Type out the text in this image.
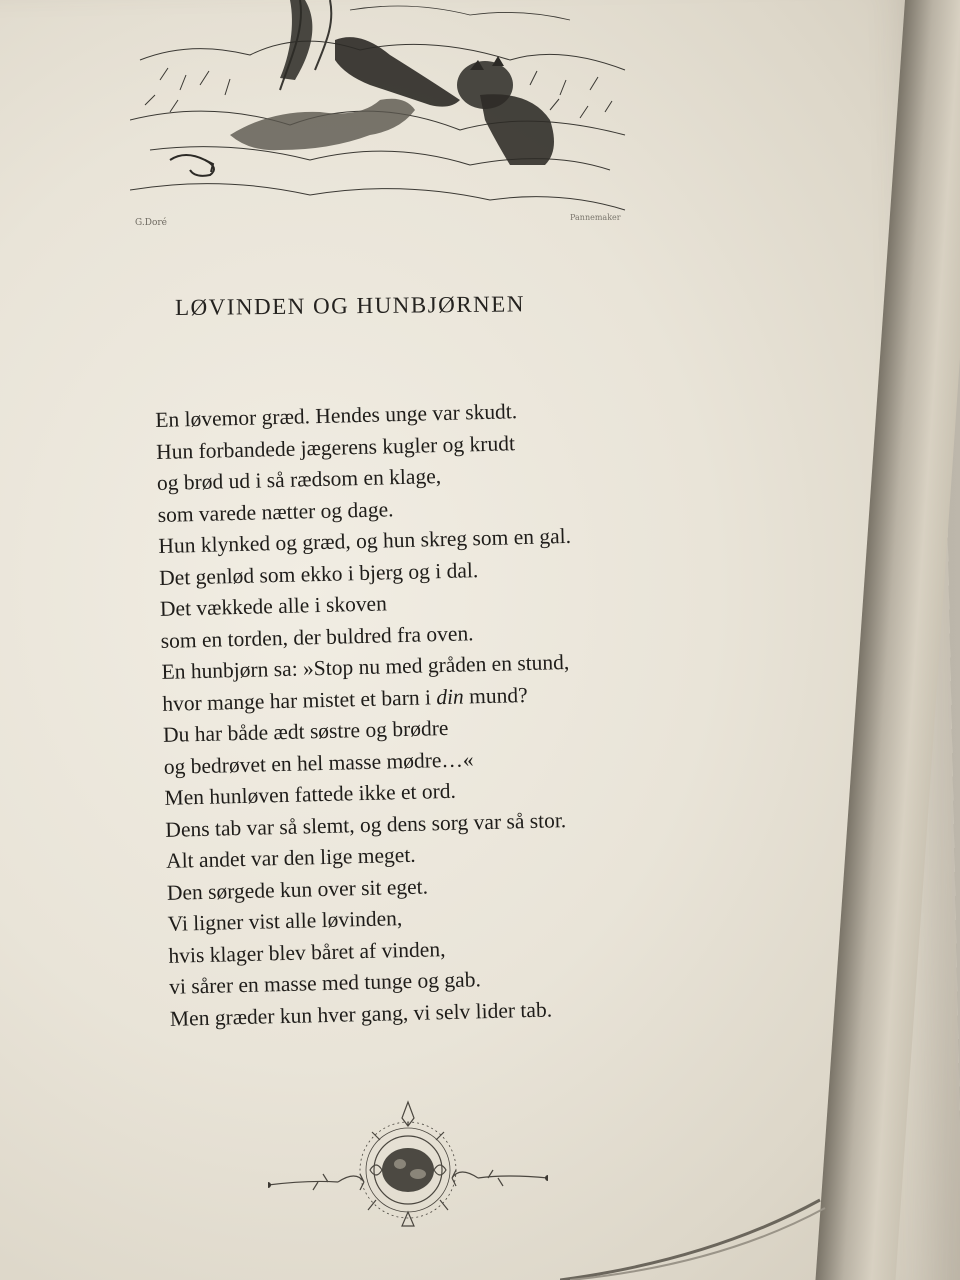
G.Doré
Pannemaker
LØVINDEN OG HUNBJØRNEN
En løvemor græd. Hendes unge var skudt.
Hun forbandede jægerens kugler og krudt
og brød ud i så rædsom en klage,
som varede nætter og dage.
Hun klynked og græd, og hun skreg som en gal.
Det genlød som ekko i bjerg og i dal.
Det vækkede alle i skoven
som en torden, der buldred fra oven.
En hunbjørn sa: »Stop nu med gråden en stund,
hvor mange har mistet et barn i din mund?
Du har både ædt søstre og brødre
og bedrøvet en hel masse mødre…«
Men hunløven fattede ikke et ord.
Dens tab var så slemt, og dens sorg var så stor.
Alt andet var den lige meget.
Den sørgede kun over sit eget.
Vi ligner vist alle løvinden,
hvis klager blev båret af vinden,
vi sårer en masse med tunge og gab.
Men græder kun hver gang, vi selv lider tab.
